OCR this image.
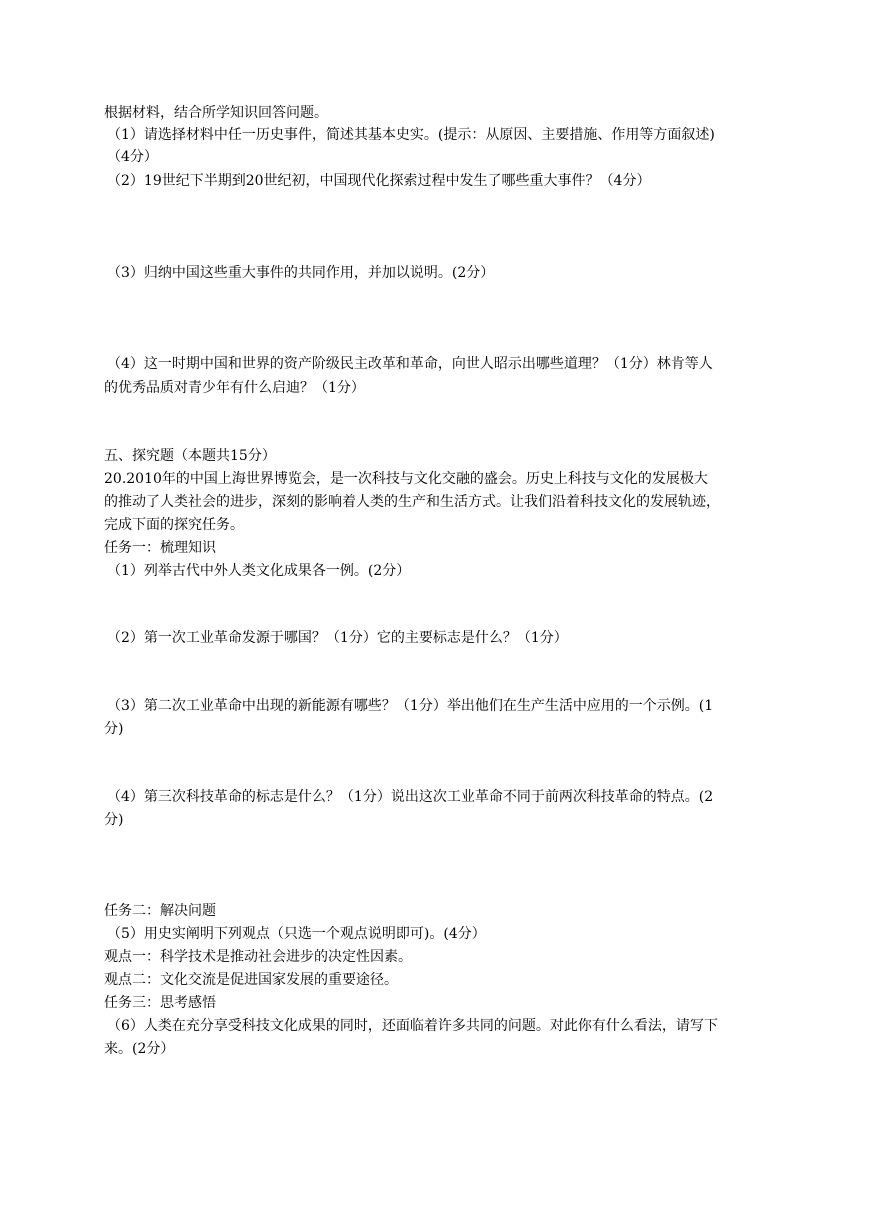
根据材料，结合所学知识回答问题。
（1）请选择材料中任一历史事件，简述其基本史实。(提示：从原因、主要措施、作用等方面叙述)
（4分）
（2）19世纪下半期到20世纪初，中国现代化探索过程中发生了哪些重大事件？（4分）
（3）归纳中国这些重大事件的共同作用，并加以说明。(2分）
（4）这一时期中国和世界的资产阶级民主改革和革命，向世人昭示出哪些道理？（1分）林肯等人
的优秀品质对青少年有什么启迪？（1分）
五、探究题（本题共15分）
20.2010年的中国上海世界博览会，是一次科技与文化交融的盛会。历史上科技与文化的发展极大
的推动了人类社会的进步，深刻的影响着人类的生产和生活方式。让我们沿着科技文化的发展轨迹，
完成下面的探究任务。
任务一：梳理知识
（1）列举古代中外人类文化成果各一例。(2分）
（2）第一次工业革命发源于哪国？（1分）它的主要标志是什么？（1分）
（3）第二次工业革命中出现的新能源有哪些？（1分）举出他们在生产生活中应用的一个示例。(1
分)
（4）第三次科技革命的标志是什么？（1分）说出这次工业革命不同于前两次科技革命的特点。(2
分)
任务二：解决问题
（5）用史实阐明下列观点（只选一个观点说明即可)。(4分）
观点一：科学技术是推动社会进步的决定性因素。
观点二：文化交流是促进国家发展的重要途径。
任务三：思考感悟
（6）人类在充分享受科技文化成果的同时，还面临着许多共同的问题。对此你有什么看法，请写下
来。(2分）
